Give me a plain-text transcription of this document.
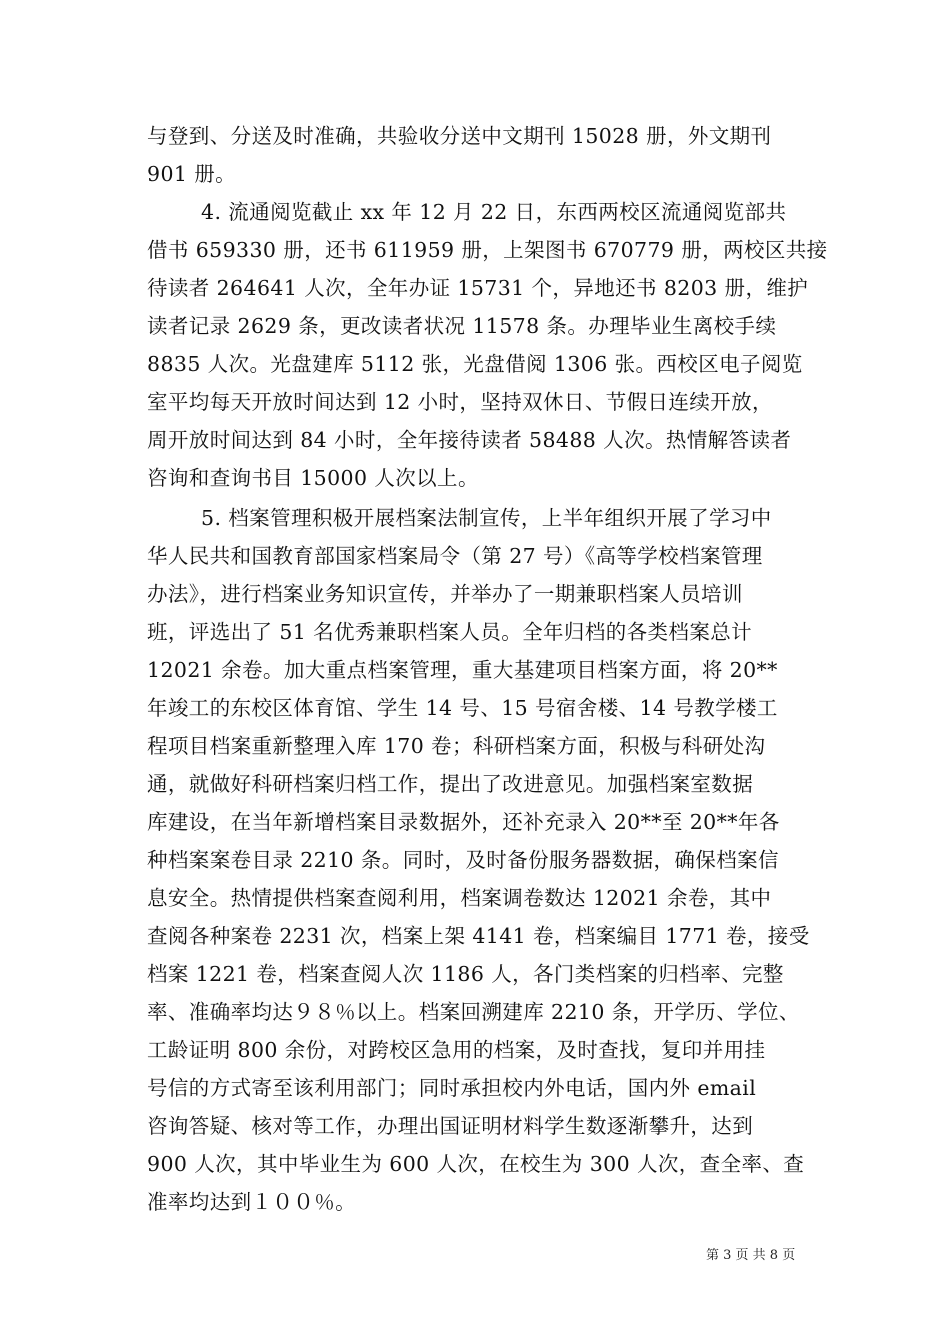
与登到、分送及时准确，共验收分送中文期刊 15028 册，外文期刊
901 册。
4. 流通阅览截止 xx 年 12 月 22 日，东西两校区流通阅览部共
借书 659330 册，还书 611959 册，上架图书 670779 册，两校区共接
待读者 264641 人次，全年办证 15731 个，异地还书 8203 册，维护
读者记录 2629 条，更改读者状况 11578 条。办理毕业生离校手续
8835 人次。光盘建库 5112 张，光盘借阅 1306 张。西校区电子阅览
室平均每天开放时间达到 12 小时，坚持双休日、节假日连续开放，
周开放时间达到 84 小时，全年接待读者 58488 人次。热情解答读者
咨询和查询书目 15000 人次以上。
5. 档案管理积极开展档案法制宣传，上半年组织开展了学习中
华人民共和国教育部国家档案局令（第 27 号）《高等学校档案管理
办法》，进行档案业务知识宣传，并举办了一期兼职档案人员培训
班，评选出了 51 名优秀兼职档案人员。全年归档的各类档案总计
12021 余卷。加大重点档案管理，重大基建项目档案方面，将 20**
年竣工的东校区体育馆、学生 14 号、15 号宿舍楼、14 号教学楼工
程项目档案重新整理入库 170 卷；科研档案方面，积极与科研处沟
通，就做好科研档案归档工作，提出了改进意见。加强档案室数据
库建设，在当年新增档案目录数据外，还补充录入 20**至 20**年各
种档案案卷目录 2210 条。同时，及时备份服务器数据，确保档案信
息安全。热情提供档案查阅利用，档案调卷数达 12021 余卷，其中
查阅各种案卷 2231 次，档案上架 4141 卷，档案编目 1771 卷，接受
档案 1221 卷，档案查阅人次 1186 人，各门类档案的归档率、完整
率、准确率均达９８％以上。档案回溯建库 2210 条，开学历、学位、
工龄证明 800 余份，对跨校区急用的档案，及时查找，复印并用挂
号信的方式寄至该利用部门；同时承担校内外电话，国内外 email
咨询答疑、核对等工作，办理出国证明材料学生数逐渐攀升，达到
900 人次，其中毕业生为 600 人次，在校生为 300 人次，查全率、查
准率均达到１００％。
第 3 页 共 8 页
